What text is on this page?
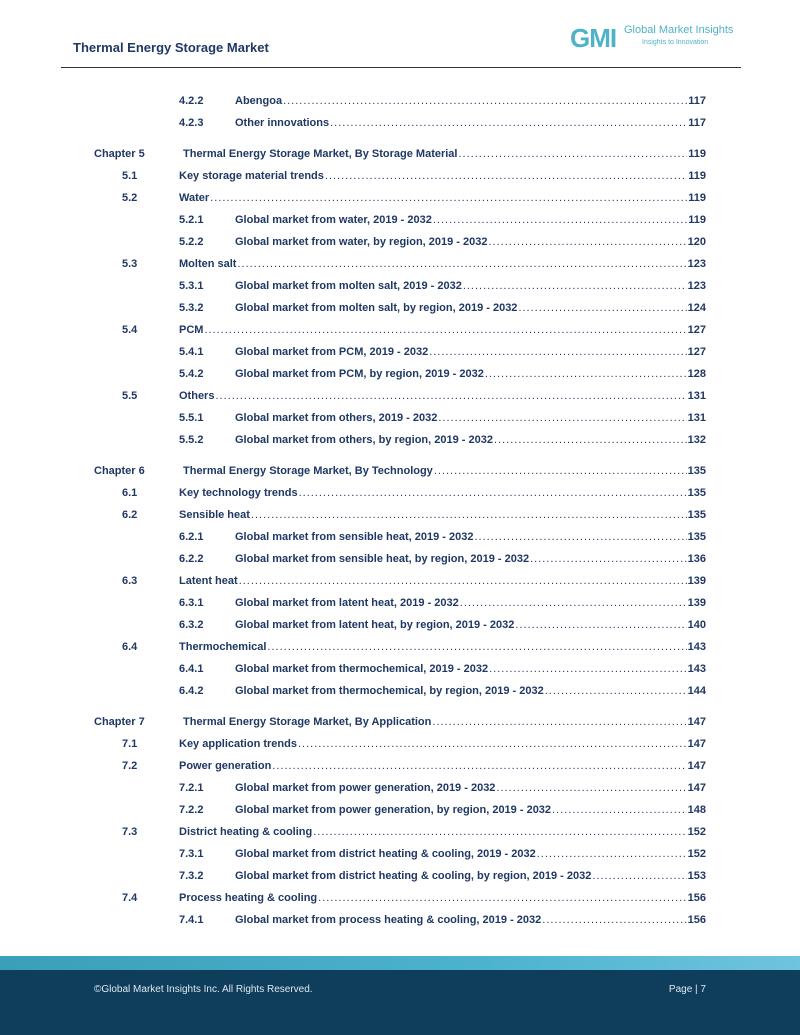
Thermal Energy Storage Market	GMI Global Market Insights
Insights to Innovation
4.2.2	Abengoa .....	117
4.2.3	Other innovations .....	117
Chapter 5	Thermal Energy Storage Market, By Storage Material .....	119
5.1	Key storage material trends .....	119
5.2	Water .....	119
5.2.1	Global market from water, 2019 - 2032 .....	119
5.2.2	Global market from water, by region, 2019 - 2032 .....	120
5.3	Molten salt .....	123
5.3.1	Global market from molten salt, 2019 - 2032 .....	123
5.3.2	Global market from molten salt, by region, 2019 - 2032 .....	124
5.4	PCM .....	127
5.4.1	Global market from PCM, 2019 - 2032 .....	127
5.4.2	Global market from PCM, by region, 2019 - 2032 .....	128
5.5	Others .....	131
5.5.1	Global market from others, 2019 - 2032 .....	131
5.5.2	Global market from others, by region, 2019 - 2032 .....	132
Chapter 6	Thermal Energy Storage Market, By Technology .....	135
6.1	Key technology trends .....	135
6.2	Sensible heat .....	135
6.2.1	Global market from sensible heat, 2019 - 2032 .....	135
6.2.2	Global market from sensible heat, by region, 2019 - 2032 .....	136
6.3	Latent heat .....	139
6.3.1	Global market from latent heat, 2019 - 2032 .....	139
6.3.2	Global market from latent heat, by region, 2019 - 2032 .....	140
6.4	Thermochemical .....	143
6.4.1	Global market from thermochemical, 2019 - 2032 .....	143
6.4.2	Global market from thermochemical, by region, 2019 - 2032 .....	144
Chapter 7	Thermal Energy Storage Market, By Application .....	147
7.1	Key application trends .....	147
7.2	Power generation .....	147
7.2.1	Global market from power generation, 2019 - 2032 .....	147
7.2.2	Global market from power generation, by region, 2019 - 2032 .....	148
7.3	District heating & cooling .....	152
7.3.1	Global market from district heating & cooling, 2019 - 2032 .....	152
7.3.2	Global market from district heating & cooling, by region, 2019 - 2032 .....	153
7.4	Process heating & cooling .....	156
7.4.1	Global market from process heating & cooling, 2019 - 2032 .....	156
©Global Market Insights Inc. All Rights Reserved.	Page | 7
